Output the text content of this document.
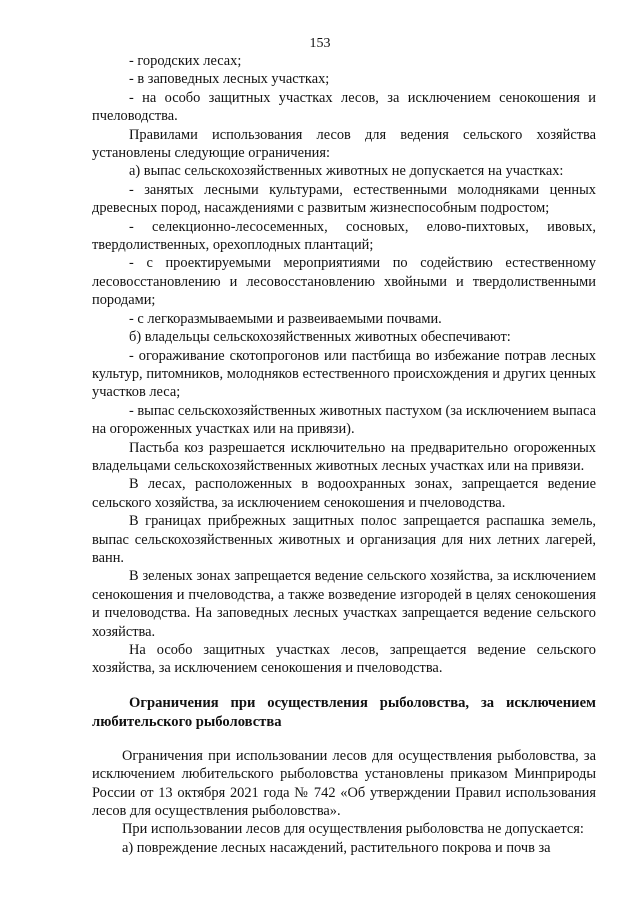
153

- городских лесах;

- в заповедных лесных участках;

- на особо защитных участках лесов, за исключением сенокошения и пчеловодства.

Правилами использования лесов для ведения сельского хозяйства установлены следующие ограничения:

а) выпас сельскохозяйственных животных не допускается на участках:

- занятых лесными культурами, естественными молодняками ценных древесных пород, насаждениями с развитым жизнеспособным подростом;

- селекционно-лесосеменных, сосновых, елово-пихтовых, ивовых, твердолиственных, орехоплодных плантаций;

- с проектируемыми мероприятиями по содействию естественному лесовосстановлению и лесовосстановлению хвойными и твердолиственными породами;

- с легкоразмываемыми и развеиваемыми почвами.

б) владельцы сельскохозяйственных животных обеспечивают:

- огораживание скотопрогонов или пастбища во избежание потрав лесных культур, питомников, молодняков естественного происхождения и других ценных участков леса;

- выпас сельскохозяйственных животных пастухом (за исключением выпаса на огороженных участках или на привязи).

Пастьба коз разрешается исключительно на предварительно огороженных владельцами сельскохозяйственных животных лесных участках или на привязи.

В лесах, расположенных в водоохранных зонах, запрещается ведение сельского хозяйства, за исключением сенокошения и пчеловодства.

В границах прибрежных защитных полос запрещается распашка земель, выпас сельскохозяйственных животных и организация для них летних лагерей, ванн.

В зеленых зонах запрещается ведение сельского хозяйства, за исключением сенокошения и пчеловодства, а также возведение изгородей в целях сенокошения и пчеловодства. На заповедных лесных участках запрещается ведение сельского хозяйства.

На особо защитных участках лесов, запрещается ведение сельского хозяйства, за исключением сенокошения и пчеловодства.

Ограничения при осуществления рыболовства, за исключением любительского рыболовства

Ограничения при использовании лесов для осуществления рыболовства, за исключением любительского рыболовства установлены приказом Минприроды России от 13 октября 2021 года № 742 «Об утверждении Правил использования лесов для осуществления рыболовства».

При использовании лесов для осуществления рыболовства не допускается:

а) повреждение лесных насаждений, растительного покрова и почв за
